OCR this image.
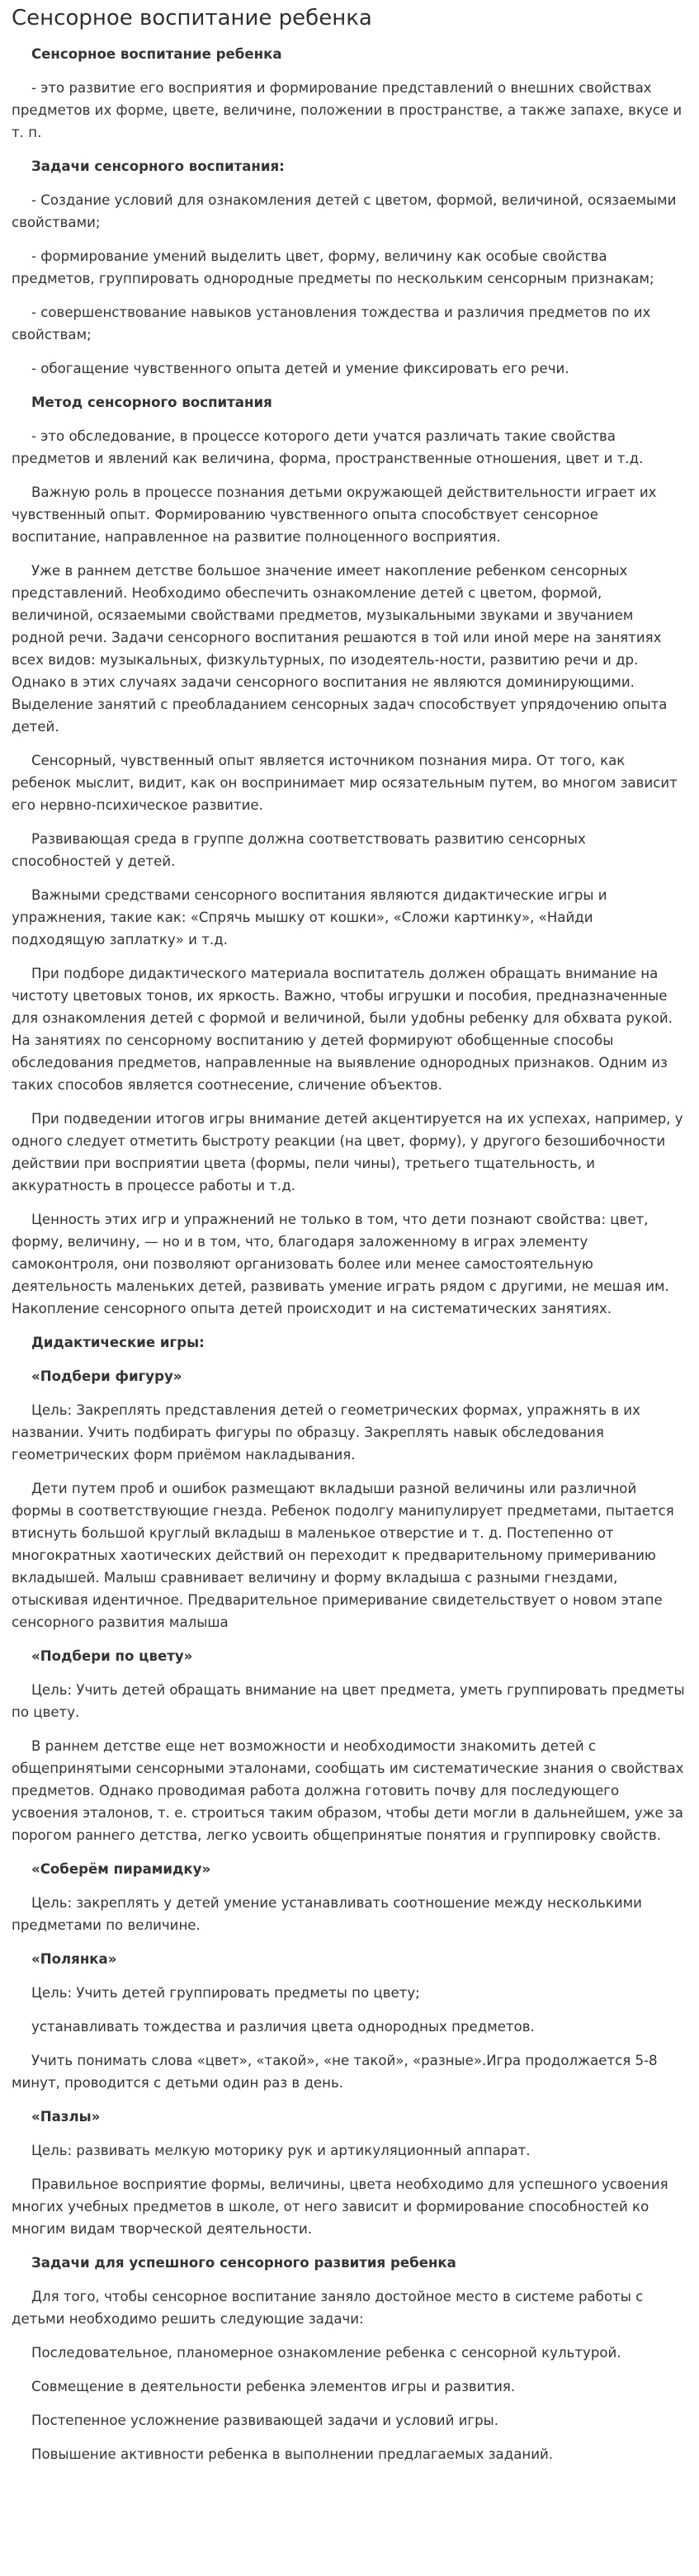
Сенсорное воспитание ребенка

Сенсорное воспитание ребенка

- это развитие его восприятия и формирование представлений о внешних свойствах предметов их форме, цвете, величине, положении в пространстве, а также запахе, вкусе и т. п.

Задачи сенсорного воспитания:

- Создание условий для ознакомления детей с цветом, формой, величиной, осязаемыми свойствами;

- формирование умений выделить цвет, форму, величину как особые свойства предметов, группировать однородные предметы по нескольким сенсорным признакам;

- совершенствование навыков установления тождества и различия предметов по их свойствам;

- обогащение чувственного опыта детей и умение фиксировать его речи.

Метод сенсорного воспитания

- это обследование, в процессе которого дети учатся различать такие свойства предметов и явлений как величина, форма, пространственные отношения, цвет и т.д.

Важную роль в процессе познания детьми окружающей действительности играет их чувственный опыт. Формированию чувственного опыта способствует сенсорное воспитание, направленное на развитие полноценного восприятия.

Уже в раннем детстве большое значение имеет накопление ребенком сенсорных представлений. Необходимо обеспечить ознакомление детей с цветом, формой, величиной, осязаемыми свойствами предметов, музыкальными звуками и звучанием родной речи. Задачи сенсорного воспитания решаются в той или иной мере на занятиях всех видов: музыкальных, физкультурных, по изодеятель-ности, развитию речи и др. Однако в этих случаях задачи сенсорного воспитания не являются доминирующими. Выделение занятий с преобладанием сенсорных задач способствует упрядочению опыта детей.

Сенсорный, чувственный опыт является источником познания мира. От того, как ребенок мыслит, видит, как он воспринимает мир осязательным путем, во многом зависит его нервно-психическое развитие.

Развивающая среда в группе должна соответствовать развитию сенсорных способностей у детей.

Важными средствами сенсорного воспитания являются дидактические игры и упражнения, такие как: «Спрячь мышку от кошки», «Сложи картинку», «Найди подходящую заплатку» и т.д.

При подборе дидактического материала воспитатель должен обращать внимание на чистоту цветовых тонов, их яркость. Важно, чтобы игрушки и пособия, предназначенные для ознакомления детей с формой и величиной, были удобны ребенку для обхвата рукой. На занятиях по сенсорному воспитанию у детей формируют обобщенные способы обследования предметов, направленные на выявление однородных признаков. Одним из таких способов является соотнесение, сличение объектов.

При подведении итогов игры внимание детей акцентируется на их успехах, например, у одного следует отметить быстроту реакции (на цвет, форму), у другого безошибочности действии при восприятии цвета (формы, пели чины), третьего тщательность, и аккуратность в процессе работы и т.д.

Ценность этих игр и упражнений не только в том, что дети познают свойства: цвет, форму, величину, — но и в том, что, благодаря заложенному в играх элементу самоконтроля, они позволяют организовать более или менее самостоятельную деятельность маленьких детей, развивать умение играть рядом с другими, не мешая им. Накопление сенсорного опыта детей происходит и на систематических занятиях.

Дидактические игры:

«Подбери фигуру»

Цель: Закреплять представления детей о геометрических формах, упражнять в их названии. Учить подбирать фигуры по образцу. Закреплять навык обследования геометрических форм приёмом накладывания.

Дети путем проб и ошибок размещают вкладыши разной величины или различной формы в соответствующие гнезда. Ребенок подолгу манипулирует предметами, пытается втиснуть большой круглый вкладыш в маленькое отверстие и т. д. Постепенно от многократных хаотических действий он переходит к предварительному примериванию вкладышей. Малыш сравнивает величину и форму вкладыша с разными гнездами, отыскивая идентичное. Предварительное примеривание свидетельствует о новом этапе сенсорного развития малыша

«Подбери по цвету»

Цель: Учить детей обращать внимание на цвет предмета, уметь группировать предметы по цвету.

В раннем детстве еще нет возможности и необходимости знакомить детей с общепринятыми сенсорными эталонами, сообщать им систематические знания о свойствах предметов. Однако проводимая работа должна готовить почву для последующего усвоения эталонов, т. е. строиться таким образом, чтобы дети могли в дальнейшем, уже за порогом раннего детства, легко усвоить общепринятые понятия и группировку свойств.

«Соберём пирамидку»

Цель: закреплять у детей умение устанавливать соотношение между несколькими предметами по величине.

«Полянка»

Цель: Учить детей группировать предметы по цвету;

устанавливать тождества и различия цвета однородных предметов.

Учить понимать слова «цвет», «такой», «не такой», «разные».Игра продолжается 5-8 минут, проводится с детьми один раз в день.

«Пазлы»

Цель: развивать мелкую моторику рук и артикуляционный аппарат.

Правильное восприятие формы, величины, цвета необходимо для успешного усвоения многих учебных предметов в школе, от него зависит и формирование способностей ко многим видам творческой деятельности.

Задачи для успешного сенсорного развития ребенка

Для того, чтобы сенсорное воспитание заняло достойное место в системе работы с детьми необходимо решить следующие задачи:

Последовательное, планомерное ознакомление ребенка с сенсорной культурой.

Совмещение в деятельности ребенка элементов игры и развития.

Постепенное усложнение развивающей задачи и условий игры.

Повышение активности ребенка в выполнении предлагаемых заданий.
